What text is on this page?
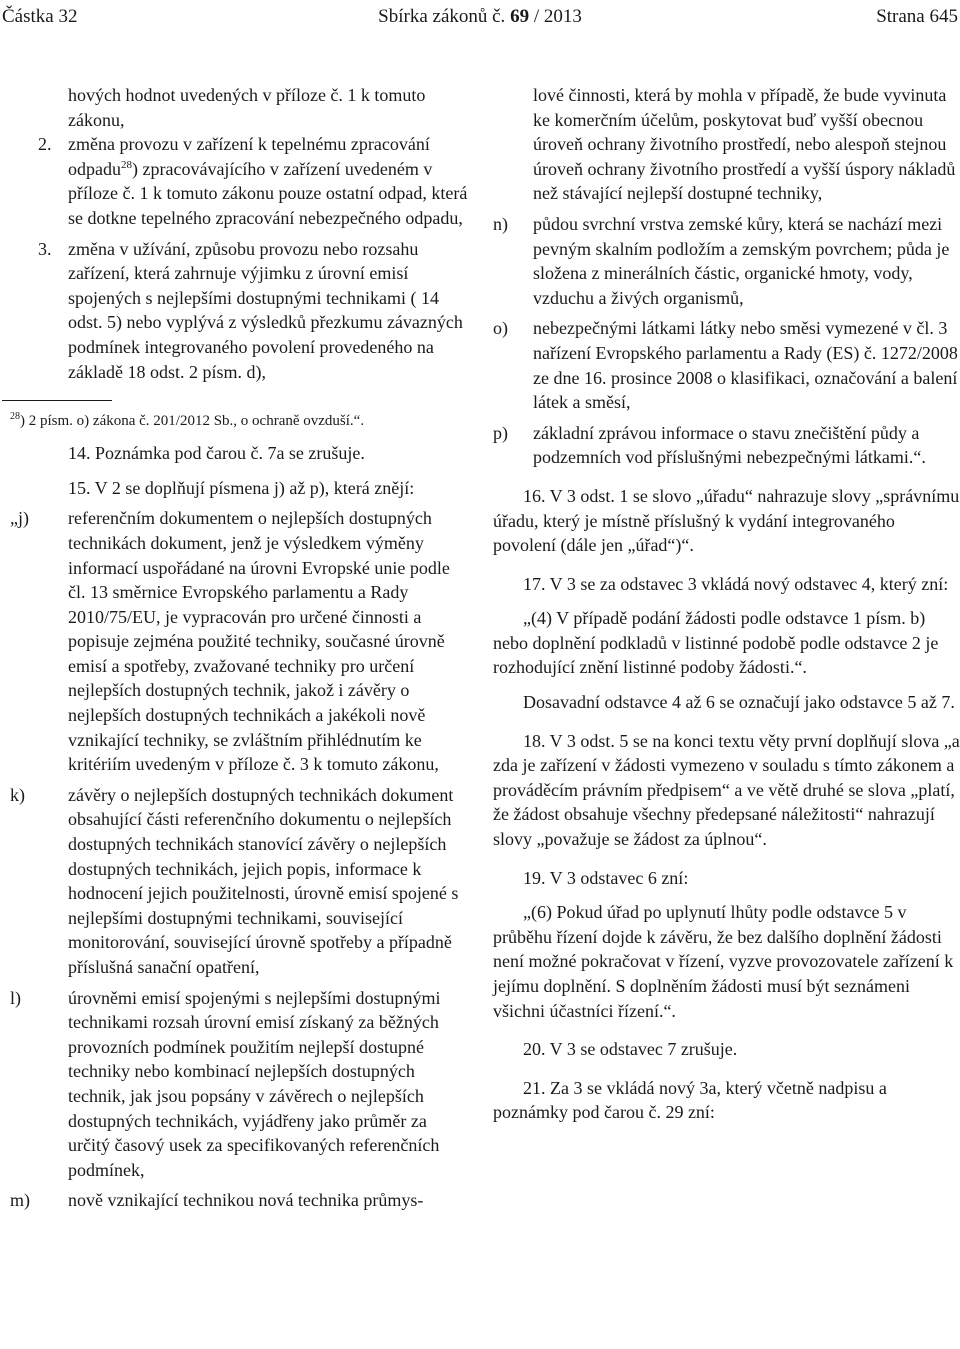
Částka 32	Sbírka zákonů č. 69 / 2013	Strana 645
hových hodnot uvedených v příloze č. 1 k tomuto zákonu,
2. změna provozu v zařízení k tepelnému zpracování odpadu$^{28}$) zpracovávajícího v zařízení uvedeném v příloze č. 1 k tomuto zákonu pouze ostatní odpad, která se dotkne tepelného zpracování nebezpečného odpadu,
3. změna v užívání, způsobu provozu nebo rozsahu zařízení, která zahrnuje výjimku z úrovní emisí spojených s nejlepšími dostupnými technikami ( 14 odst. 5) nebo vyplývá z výsledků přezkumu závazných podmínek integrovaného povolení provedeného na základě 18 odst. 2 písm. d),
$^{28}$) 2 písm. o) zákona č. 201/2012 Sb., o ochraně ovzduší.“.
14. Poznámka pod čarou č. 7a se zrušuje.
15. V 2 se doplňují písmena j) až p), která znějí:
„j)	referenčním dokumentem o nejlepších dostupných technikách dokument, jenž je výsledkem výměny informací uspořádané na úrovni Evropské unie podle čl. 13 směrnice Evropského parlamentu a Rady 2010/75/EU, je vypracován pro určené činnosti a popisuje zejména použité techniky, současné úrovně emisí a spotřeby, zvažované techniky pro určení nejlepších dostupných technik, jakož i závěry o nejlepších dostupných technikách a jakékoli nově vznikající techniky, se zvláštním přihlédnutím ke kritériím uvedeným v příloze č. 3 k tomuto zákonu,
k)	závěry o nejlepších dostupných technikách dokument obsahující části referenčního dokumentu o nejlepších dostupných technikách stanovící závěry o nejlepších dostupných technikách, jejich popis, informace k hodnocení jejich použitelnosti, úrovně emisí spojené s nejlepšími dostupnými technikami, související monitorování, související úrovně spotřeby a případně příslušná sanační opatření,
l)	úrovněmi emisí spojenými s nejlepšími dostupnými technikami rozsah úrovní emisí získaný za běžných provozních podmínek použitím nejlepší dostupné techniky nebo kombinací nejlepších dostupných technik, jak jsou popsány v závěrech o nejlepších dostupných technikách, vyjádřeny jako průměr za určitý časový usek za specifikovaných referenčních podmínek,
m)	nově vznikající technikou nová technika průmys-
lové činnosti, která by mohla v případě, že bude vyvinuta ke komerčním účelům, poskytovat buď vyšší obecnou úroveň ochrany životního prostředí, nebo alespoň stejnou úroveň ochrany životního prostředí a vyšší úspory nákladů než stávající nejlepší dostupné techniky,
n) půdou svrchní vrstva zemské kůry, která se nachází mezi pevným skalním podložím a zemským povrchem; půda je složena z minerálních částic, organické hmoty, vody, vzduchu a živých organismů,
o) nebezpečnými látkami látky nebo směsi vymezené v čl. 3 nařízení Evropského parlamentu a Rady (ES) č. 1272/2008 ze dne 16. prosince 2008 o klasifikaci, označování a balení látek a směsí,
p) základní zprávou informace o stavu znečištění půdy a podzemních vod příslušnými nebezpečnými látkami.“.
16. V 3 odst. 1 se slovo „úřadu“ nahrazuje slovy „správnímu úřadu, který je místně příslušný k vydání integrovaného povolení (dále jen „úřad“)“.
17. V 3 se za odstavec 3 vkládá nový odstavec 4, který zní:
„(4) V případě podání žádosti podle odstavce 1 písm. b) nebo doplnění podkladů v listinné podobě podle odstavce 2 je rozhodující znění listinné podoby žádosti.“.
Dosavadní odstavce 4 až 6 se označují jako odstavce 5 až 7.
18. V 3 odst. 5 se na konci textu věty první doplňují slova „a zda je zařízení v žádosti vymezeno v souladu s tímto zákonem a prováděcím právním předpisem“ a ve větě druhé se slova „platí, že žádost obsahuje všechny předepsané náležitosti“ nahrazují slovy „považuje se žádost za úplnou“.
19. V 3 odstavec 6 zní:
„(6) Pokud úřad po uplynutí lhůty podle odstavce 5 v průběhu řízení dojde k závěru, že bez dalšího doplnění žádosti není možné pokračovat v řízení, vyzve provozovatele zařízení k jejímu doplnění. S doplněním žádosti musí být seznámeni všichni účastníci řízení.“.
20. V 3 se odstavec 7 zrušuje.
21. Za 3 se vkládá nový 3a, který včetně nadpisu a poznámky pod čarou č. 29 zní:
